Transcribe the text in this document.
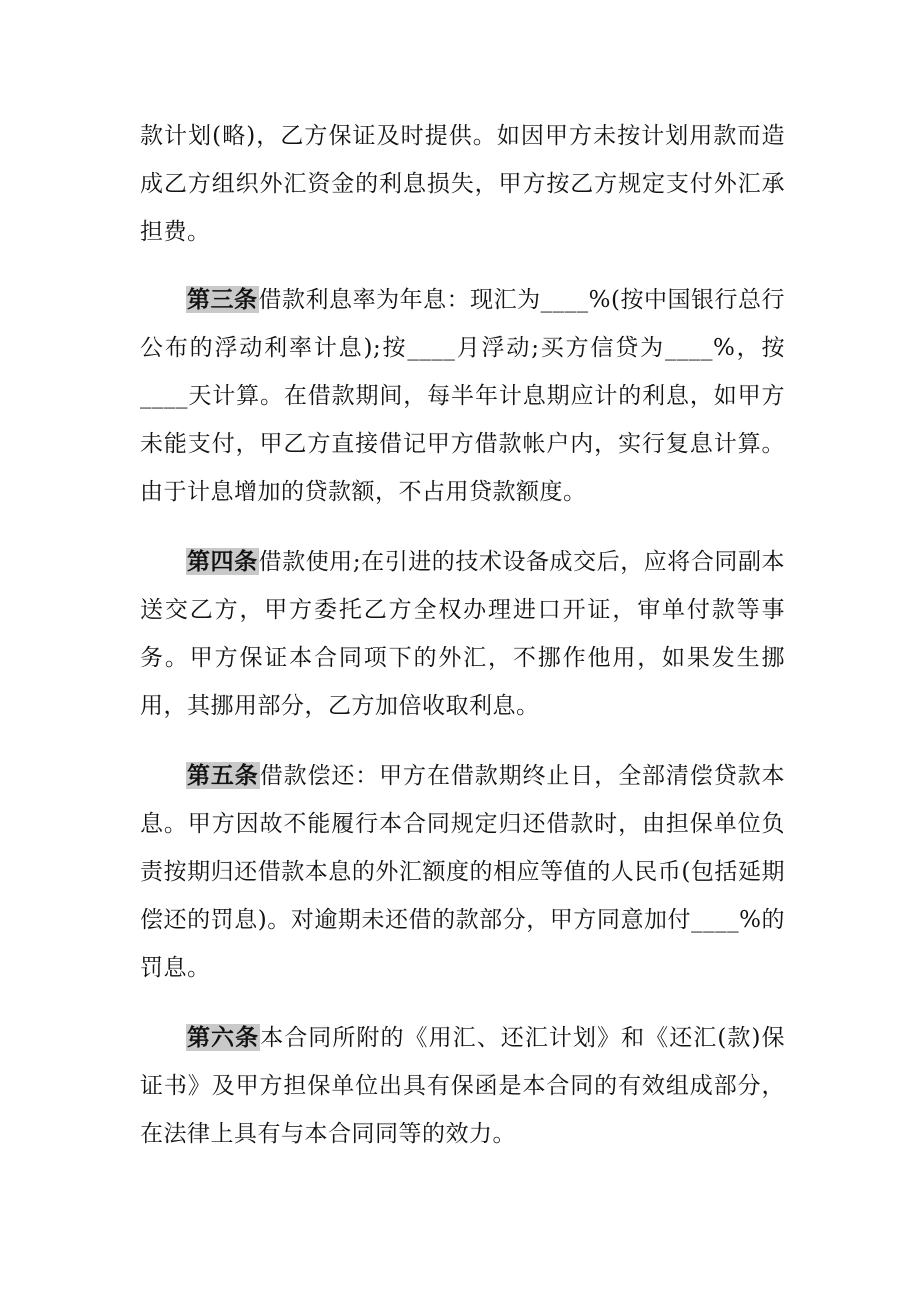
款计划(略)，乙方保证及时提供。如因甲方未按计划用款而造成乙方组织外汇资金的利息损失，甲方按乙方规定支付外汇承担费。

第三条借款利息率为年息：现汇为____%(按中国银行总行公布的浮动利率计息);按____月浮动;买方信贷为____%，按____天计算。在借款期间，每半年计息期应计的利息，如甲方未能支付，甲乙方直接借记甲方借款帐户内，实行复息计算。由于计息增加的贷款额，不占用贷款额度。

第四条借款使用;在引进的技术设备成交后，应将合同副本送交乙方，甲方委托乙方全权办理进口开证，审单付款等事务。甲方保证本合同项下的外汇，不挪作他用，如果发生挪用，其挪用部分，乙方加倍收取利息。

第五条借款偿还：甲方在借款期终止日，全部清偿贷款本息。甲方因故不能履行本合同规定归还借款时，由担保单位负责按期归还借款本息的外汇额度的相应等值的人民币(包括延期偿还的罚息)。对逾期未还借的款部分，甲方同意加付____%的罚息。

第六条本合同所附的《用汇、还汇计划》和《还汇(款)保证书》及甲方担保单位出具有保函是本合同的有效组成部分，在法律上具有与本合同同等的效力。
